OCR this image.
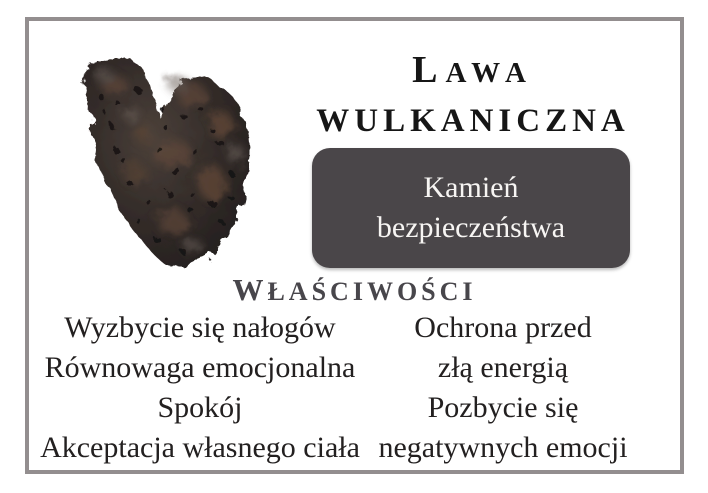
LAWA
WULKANICZNA
Kamień
bezpieczeństwa
WŁAŚCIWOŚCI
Wyzbycie się nałogów
Równowaga emocjonalna
Spokój
Akceptacja własnego ciała
Ochrona przed
złą energią
Pozbycie się
negatywnych emocji
